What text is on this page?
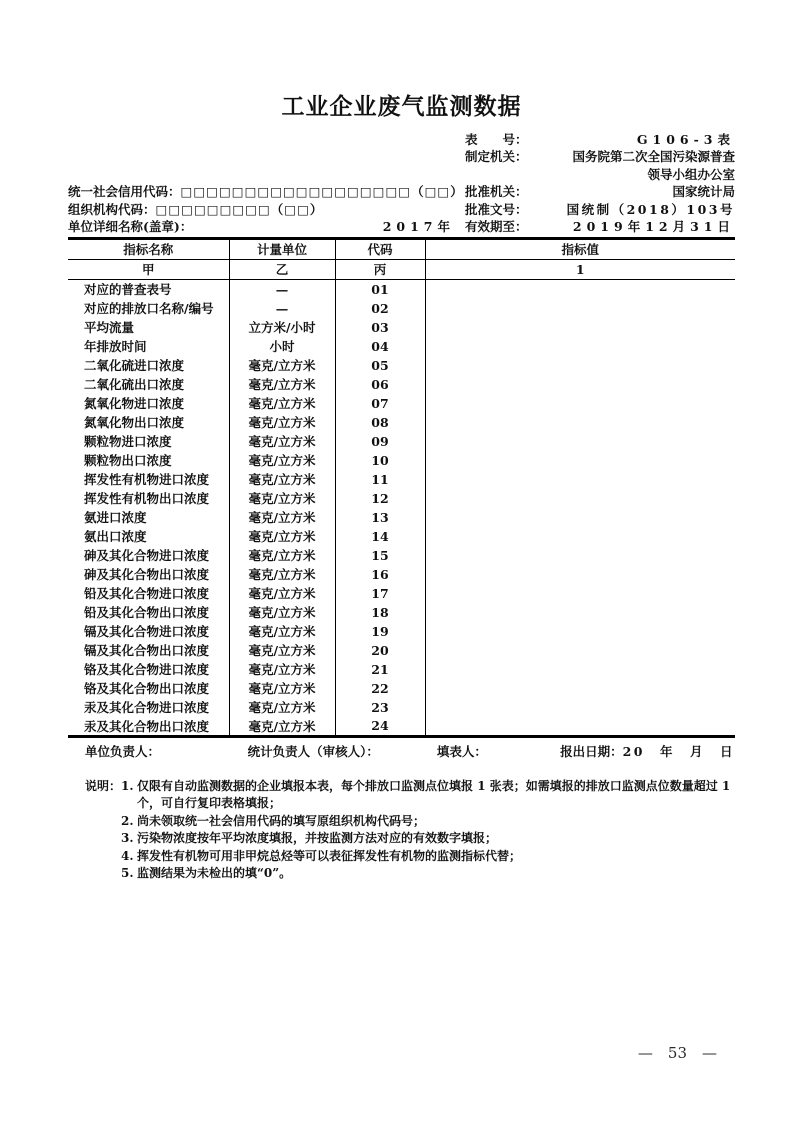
工业企业废气监测数据
表　　号：	G106-3表
制定机关：	国务院第二次全国污染源普查
领导小组办公室
统一社会信用代码： □□□□□□□□□□□□□□□□□□（□□） 批准机关：	国家统计局
组织机构代码： □□□□□□□□□（□□）	批准文号：	国统制（2018）103号
单位详细名称(盖章)：	2017年 有效期至：	2019年12月31日
指标名称	计量单位	代码	指标值
甲	乙	丙	1
对应的普查表号	—	01	
对应的排放口名称/编号	—	02	
平均流量	立方米/小时	03	
年排放时间	小时	04	
二氧化硫进口浓度	毫克/立方米	05	
二氧化硫出口浓度	毫克/立方米	06	
氮氧化物进口浓度	毫克/立方米	07	
氮氧化物出口浓度	毫克/立方米	08	
颗粒物进口浓度	毫克/立方米	09	
颗粒物出口浓度	毫克/立方米	10	
挥发性有机物进口浓度	毫克/立方米	11	
挥发性有机物出口浓度	毫克/立方米	12	
氨进口浓度	毫克/立方米	13	
氨出口浓度	毫克/立方米	14	
砷及其化合物进口浓度	毫克/立方米	15	
砷及其化合物出口浓度	毫克/立方米	16	
铅及其化合物进口浓度	毫克/立方米	17	
铅及其化合物出口浓度	毫克/立方米	18	
镉及其化合物进口浓度	毫克/立方米	19	
镉及其化合物出口浓度	毫克/立方米	20	
铬及其化合物进口浓度	毫克/立方米	21	
铬及其化合物出口浓度	毫克/立方米	22	
汞及其化合物进口浓度	毫克/立方米	23	
汞及其化合物出口浓度	毫克/立方米	24	
单位负责人：	统计负责人（审核人）：	填表人：	报出日期：20　年　月　日
说明： 1. 仅限有自动监测数据的企业填报本表，每个排放口监测点位填报 1 张表；如需填报的排放口监测点位数量超过 1 个，可自行复印表格填报；
2. 尚未领取统一社会信用代码的填写原组织机构代码号；
3. 污染物浓度按年平均浓度填报，并按监测方法对应的有效数字填报；
4. 挥发性有机物可用非甲烷总烃等可以表征挥发性有机物的监测指标代替；
5. 监测结果为未检出的填“0”。
— 53 —
